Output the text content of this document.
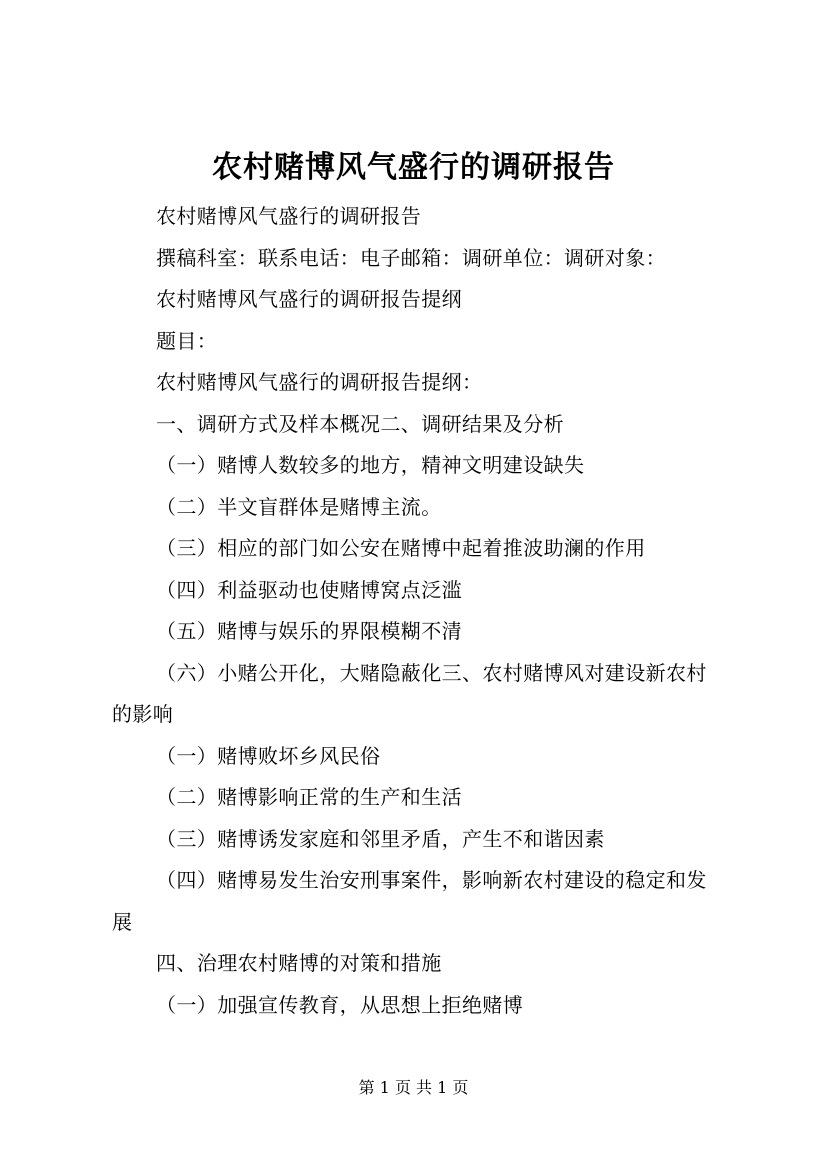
农村赌博风气盛行的调研报告

农村赌博风气盛行的调研报告

撰稿科室：联系电话：电子邮箱：调研单位：调研对象：

农村赌博风气盛行的调研报告提纲

题目：

农村赌博风气盛行的调研报告提纲：

一、调研方式及样本概况二、调研结果及分析

（一）赌博人数较多的地方，精神文明建设缺失

（二）半文盲群体是赌博主流。

（三）相应的部门如公安在赌博中起着推波助澜的作用

（四）利益驱动也使赌博窝点泛滥

（五）赌博与娱乐的界限模糊不清

（六）小赌公开化，大赌隐蔽化三、农村赌博风对建设新农村的影响

（一）赌博败坏乡风民俗

（二）赌博影响正常的生产和生活

（三）赌博诱发家庭和邻里矛盾，产生不和谐因素

（四）赌博易发生治安刑事案件，影响新农村建设的稳定和发展

四、治理农村赌博的对策和措施

（一）加强宣传教育，从思想上拒绝赌博

第 1 页 共 1 页
